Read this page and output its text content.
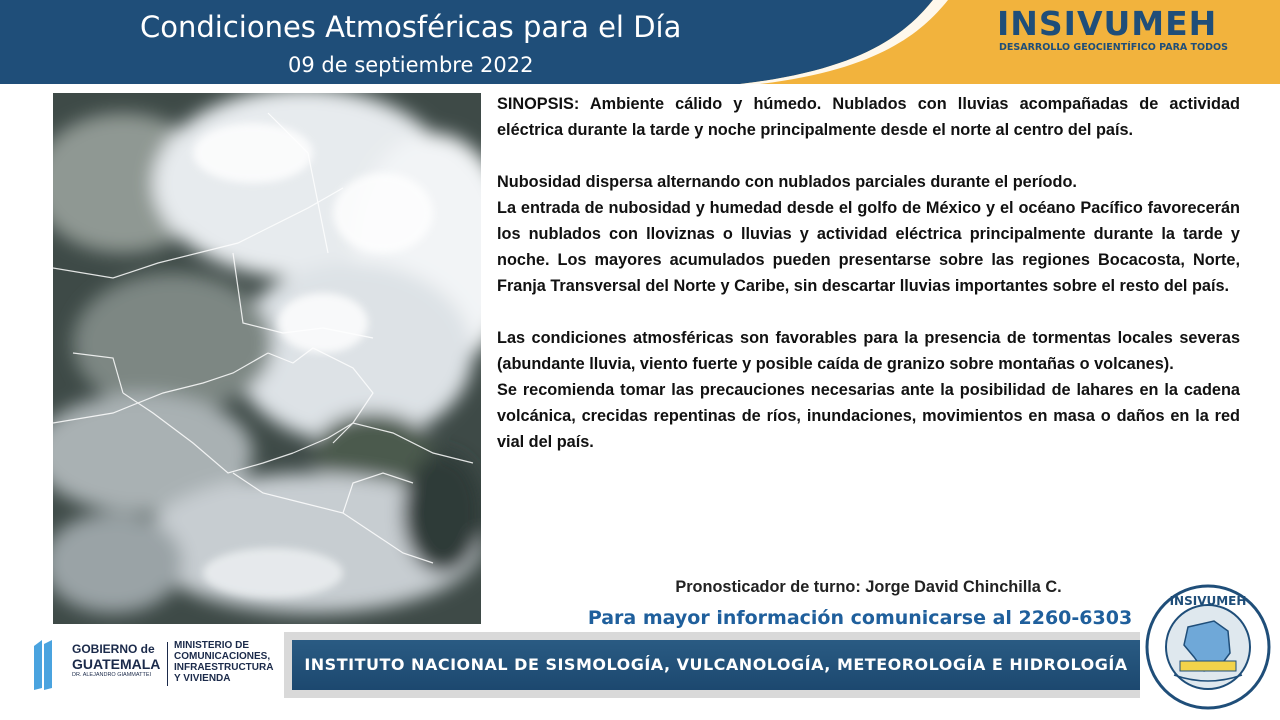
Condiciones Atmosféricas para el Día
09 de septiembre 2022
INSIVUMEH
DESARROLLO GEOCIENTÍFICO PARA TODOS

SINOPSIS: Ambiente cálido y húmedo. Nublados con lluvias acompañadas de actividad eléctrica durante la tarde y noche principalmente desde el norte al centro del país.

Nubosidad dispersa alternando con nublados parciales durante el período.

La entrada de nubosidad y humedad desde el golfo de México y el océano Pacífico favorecerán los nublados con lloviznas o lluvias y actividad eléctrica principalmente durante la tarde y noche. Los mayores acumulados pueden presentarse sobre las regiones Bocacosta, Norte, Franja Transversal del Norte y Caribe, sin descartar lluvias importantes sobre el resto del país.

Las condiciones atmosféricas son favorables para la presencia de tormentas locales severas (abundante lluvia, viento fuerte y posible caída de granizo sobre montañas o volcanes).

Se recomienda tomar las precauciones necesarias ante la posibilidad de lahares en la cadena volcánica, crecidas repentinas de ríos, inundaciones, movimientos en masa o daños en la red vial del país.

Pronosticador de turno: Jorge David Chinchilla C.
Para mayor información comunicarse al 2260-6303
GOBIERNO de
GUATEMALA
DR. ALEJANDRO GIAMMATTEI
MINISTERIO DE
COMUNICACIONES,
INFRAESTRUCTURA
Y VIVIENDA
INSTITUTO NACIONAL DE SISMOLOGÍA, VULCANOLOGÍA, METEOROLOGÍA E HIDROLOGÍA
INSIVUMEH
